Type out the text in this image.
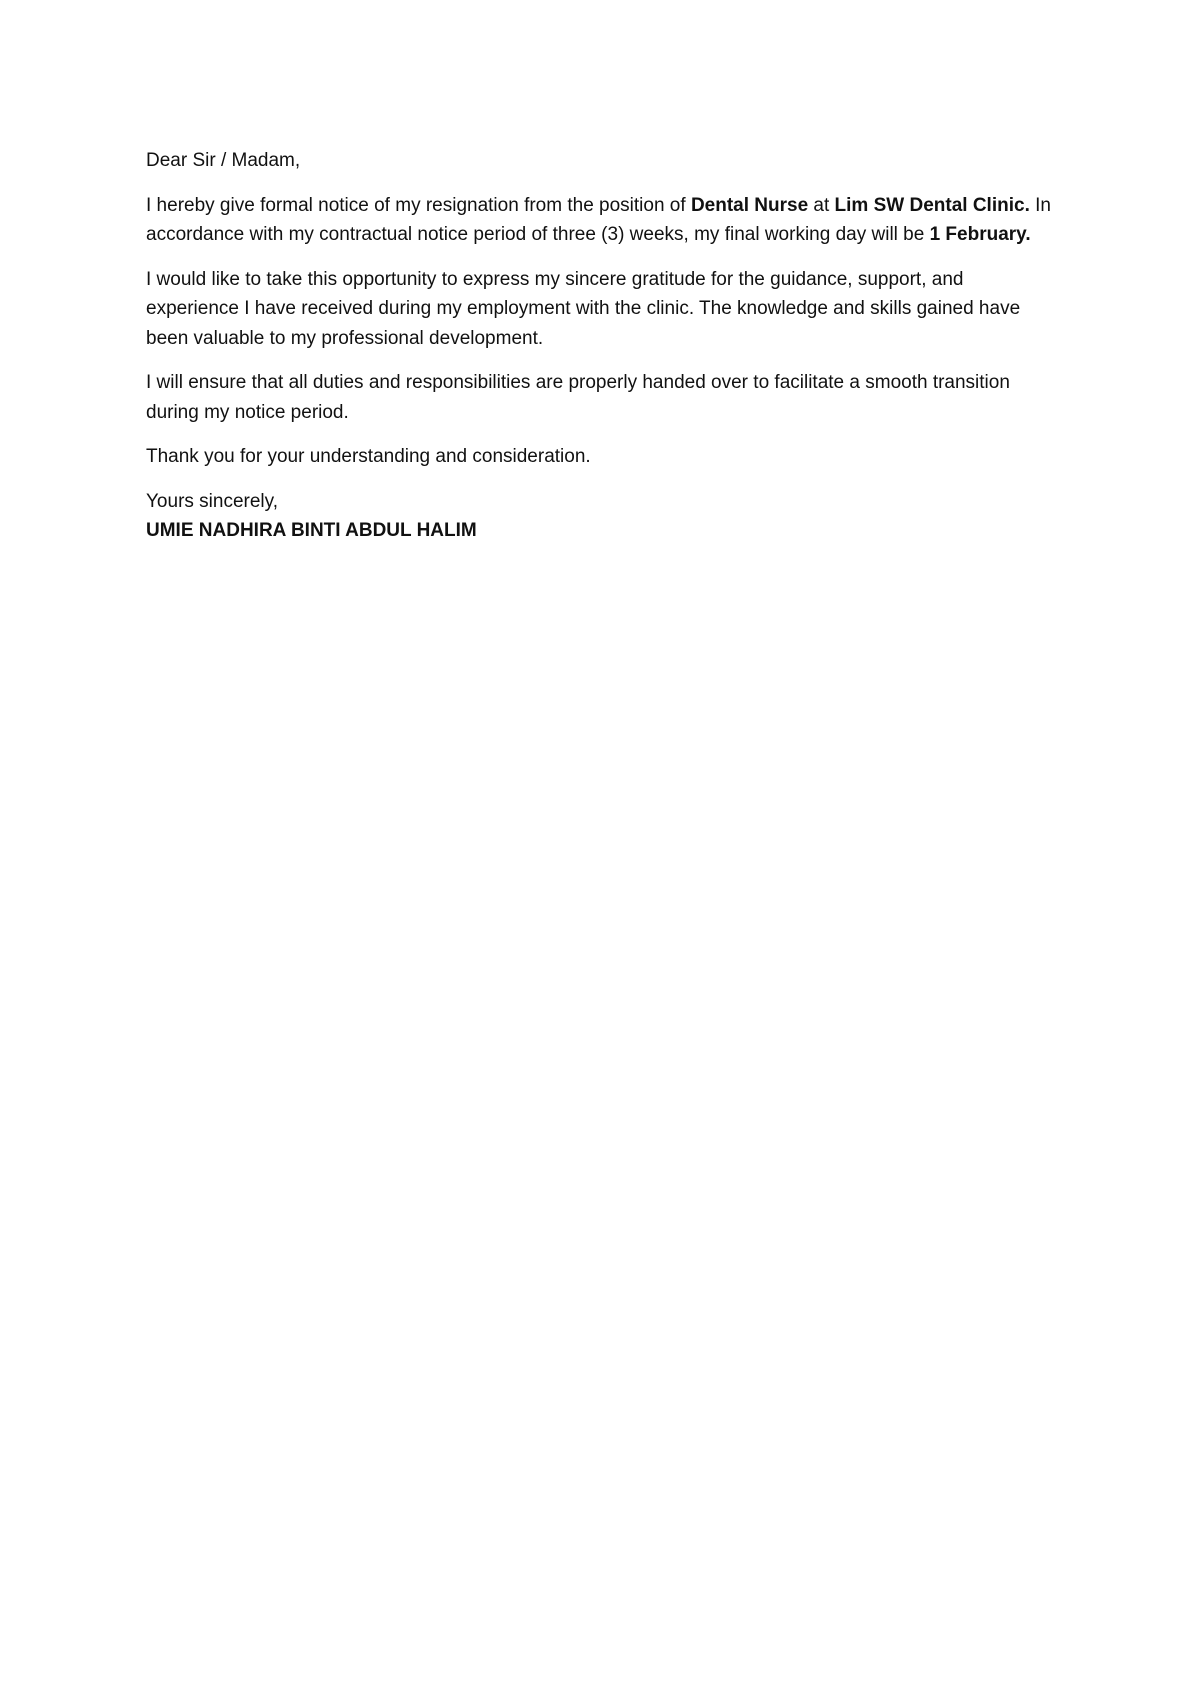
Dear Sir / Madam,

I hereby give formal notice of my resignation from the position of Dental Nurse at Lim SW Dental Clinic. In accordance with my contractual notice period of three (3) weeks, my final working day will be 1 February.

I would like to take this opportunity to express my sincere gratitude for the guidance, support, and experience I have received during my employment with the clinic. The knowledge and skills gained have been valuable to my professional development.

I will ensure that all duties and responsibilities are properly handed over to facilitate a smooth transition during my notice period.

Thank you for your understanding and consideration.

Yours sincerely,
UMIE NADHIRA BINTI ABDUL HALIM
